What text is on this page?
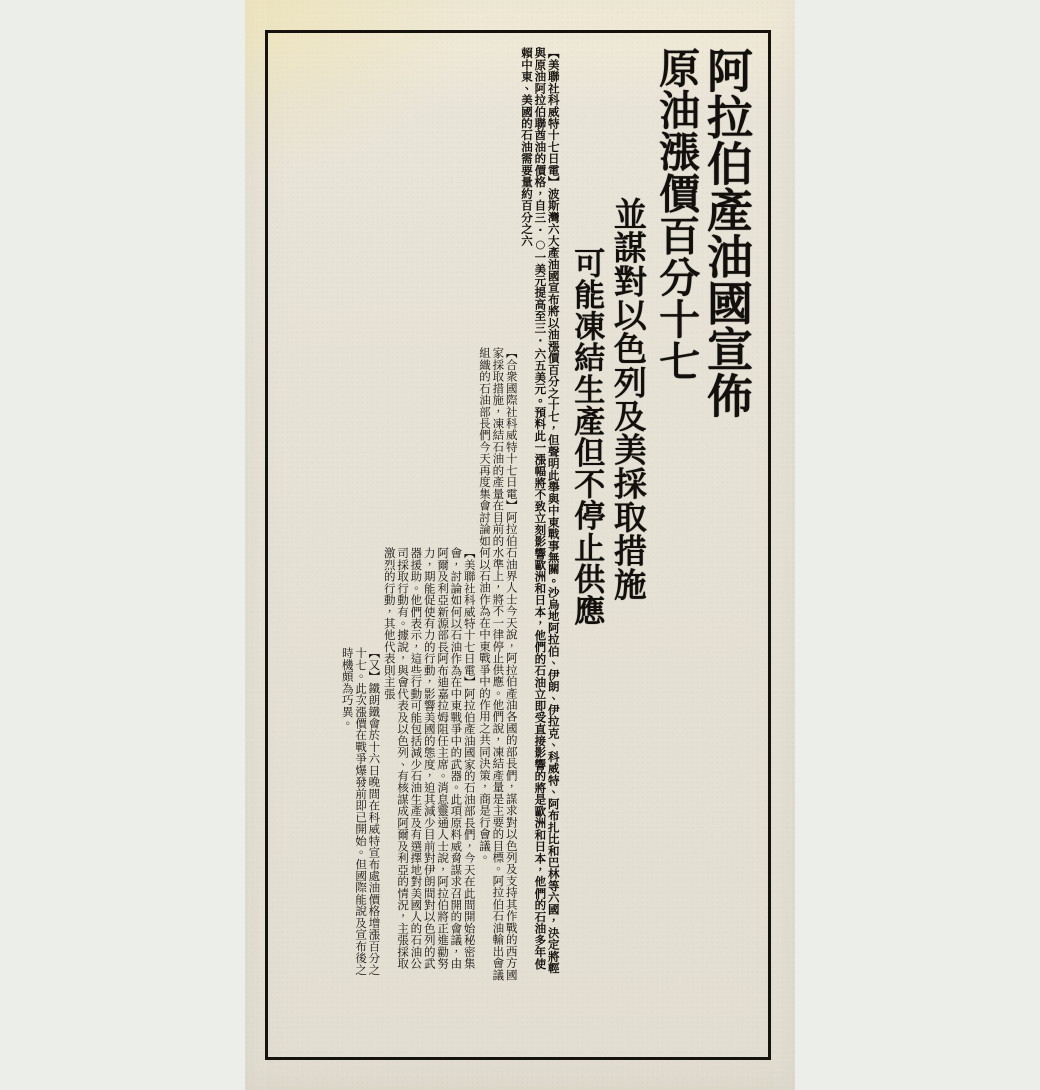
阿拉伯產油國宣佈
原油漲價百分十七
並謀對以色列及美採取措施
可能凍結生產但不停止供應
【美聯社科威特十七日電】波斯灣六大產油國宣布將以油漲價百分之十七，但聲明此舉與中東戰事無關。沙烏地阿拉伯、伊朗、伊拉克、科威特、阿布扎比和巴林等六國，決定將輕與原油阿拉伯聯酋油的價格，自三‧○一美元提高至三‧六五美元。預料此一漲幅將不致立刻影響歐洲和日本，他們的石油立即受直接影響的將是歐洲和日本，他們的石油多年使賴中東、美國的石油需要量約百分之六
【合衆國際社科威特十七日電】阿拉伯石油界人士今天說，阿拉伯產油各國的部長們，謀求對以色列及支持其作戰的西方國家採取措施，凍結石油的產量在目前的水準上，將不一律停止供應。他們說，凍結產量是主要的目標。阿拉伯石油輸出會議組織的石油部長們今天再度集會討論如何以石油作為在中東戰爭中的作用之共同決策，商是行會議。
【美聯社科威特十七日電】阿拉伯產油國家的石油部長們，今天在此間開始秘密集會，討論如何以石油作為在中東戰爭中的武器。此項原料威脅謀求召開的會議，由阿爾及利亞新源部長阿布迪嘉拉姆阻任主席。消息靈通人士說，阿拉伯將正進勸努力，期能促使有力的行動，影響美國的態度，迫其減少目前對伊朗間對以色列的武器援助。他們表示，這些行動可能包括減少石油生產及有選擇地對美國人的石油公司採取行動有。據說，與會代表及以色列、有核謀成阿爾及利亞的情況，主張採取激烈的行動，其他代表則主張
【又】鐵朗鐵會於十六日晚間在科威特宣布處油價格增漲百分之十七。此次漲價在戰爭爆發前即已開始。但國際能說及宣布後之時機頗為巧異。
